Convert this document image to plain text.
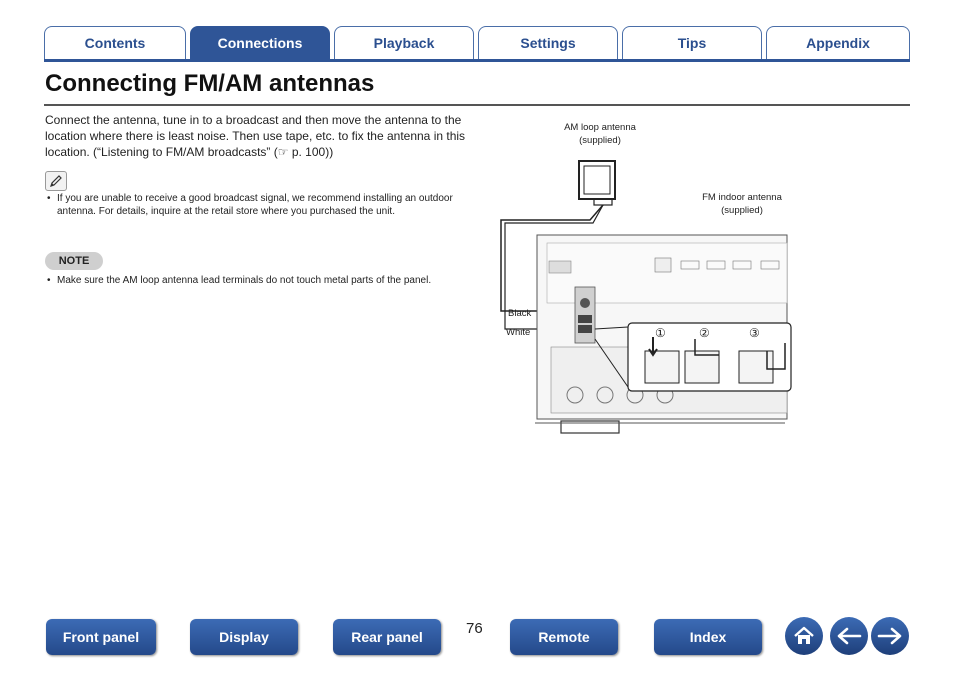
Contents	Connections	Playback	Settings	Tips	Appendix
Connecting FM/AM antennas
Connect the antenna, tune in to a broadcast and then move the antenna to the location where there is least noise. Then use tape, etc. to fix the antenna in this location. (“Listening to FM/AM broadcasts” (☞ p. 100))
• If you are unable to receive a good broadcast signal, we recommend installing an outdoor antenna. For details, inquire at the retail store where you purchased the unit.
NOTE
• Make sure the AM loop antenna lead terminals do not touch metal parts of the panel.
AM loop antenna
(supplied)
FM indoor antenna
(supplied)
Black
White	①	②	③
Front panel	Display	Rear panel	76	Remote	Index
